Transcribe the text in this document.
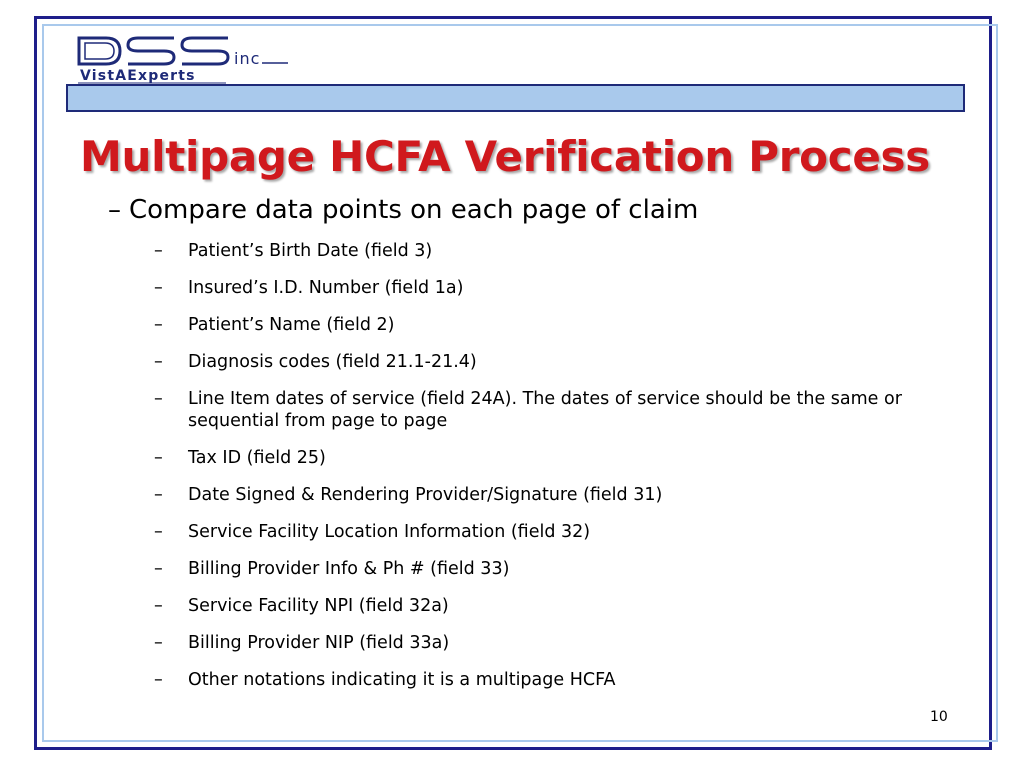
inc
VistAExperts
Multipage HCFA Verification Process
– Compare data points on each page of claim
– Patient’s Birth Date (field 3)
– Insured’s I.D. Number (field 1a)
– Patient’s Name (field 2)
– Diagnosis codes (field 21.1-21.4)
– Line Item dates of service (field 24A). The dates of service should be the same or sequential from page to page
– Tax ID (field 25)
– Date Signed & Rendering Provider/Signature (field 31)
– Service Facility Location Information (field 32)
– Billing Provider Info & Ph # (field 33)
– Service Facility NPI (field 32a)
– Billing Provider NIP (field 33a)
– Other notations indicating it is a multipage HCFA
10
